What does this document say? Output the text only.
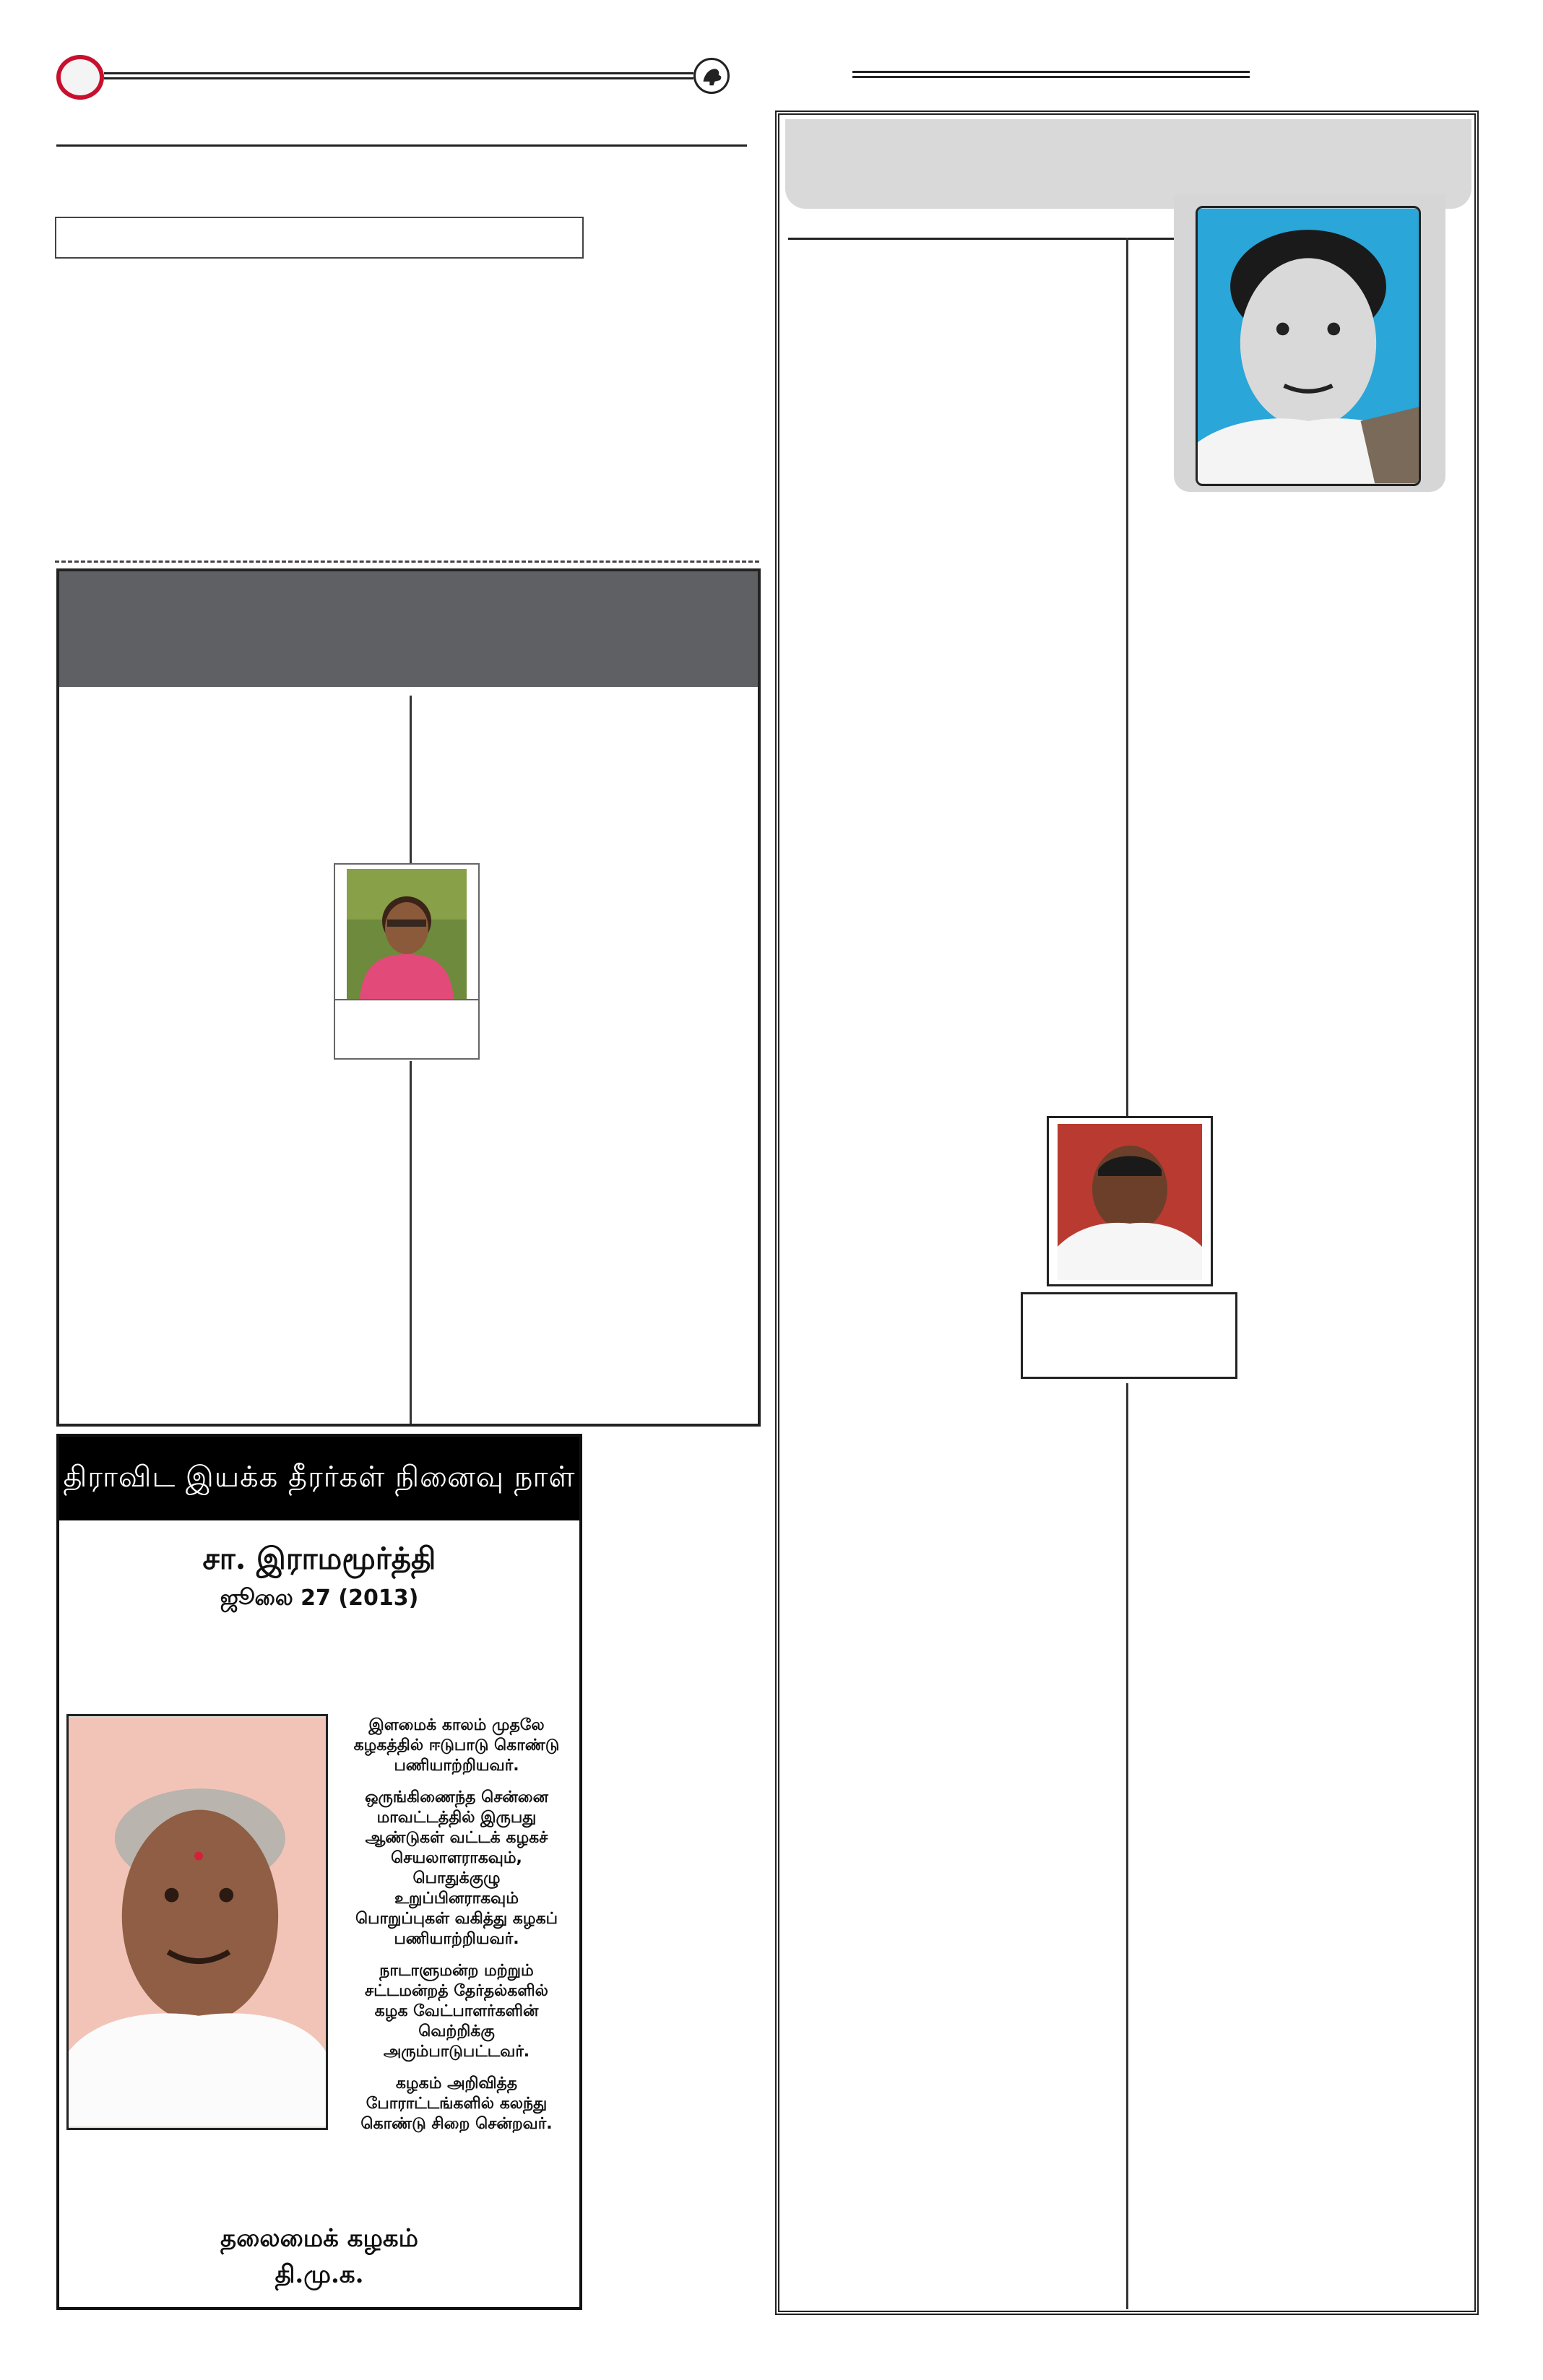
திராவிட இயக்க தீரர்கள் நினைவு நாள்
சா. இராமமூர்த்தி
ஜூலை 27 (2013)

இளமைக் காலம் முதலே கழகத்தில் ஈடுபாடு கொண்டு பணியாற்றியவர்.

ஒருங்கிணைந்த சென்னை மாவட்டத்தில் இருபது ஆண்டுகள் வட்டக் கழகச் செயலாளராகவும், பொதுக்குழு உறுப்பினராகவும் பொறுப்புகள் வகித்து கழகப் பணியாற்றியவர்.

நாடாளுமன்ற மற்றும் சட்டமன்றத் தேர்தல்களில் கழக வேட்பாளர்களின் வெற்றிக்கு அரும்பாடுபட்டவர்.

கழகம் அறிவித்த போராட்டங்களில் கலந்து கொண்டு சிறை சென்றவர்.

தலைமைக் கழகம்
தி.மு.க.
